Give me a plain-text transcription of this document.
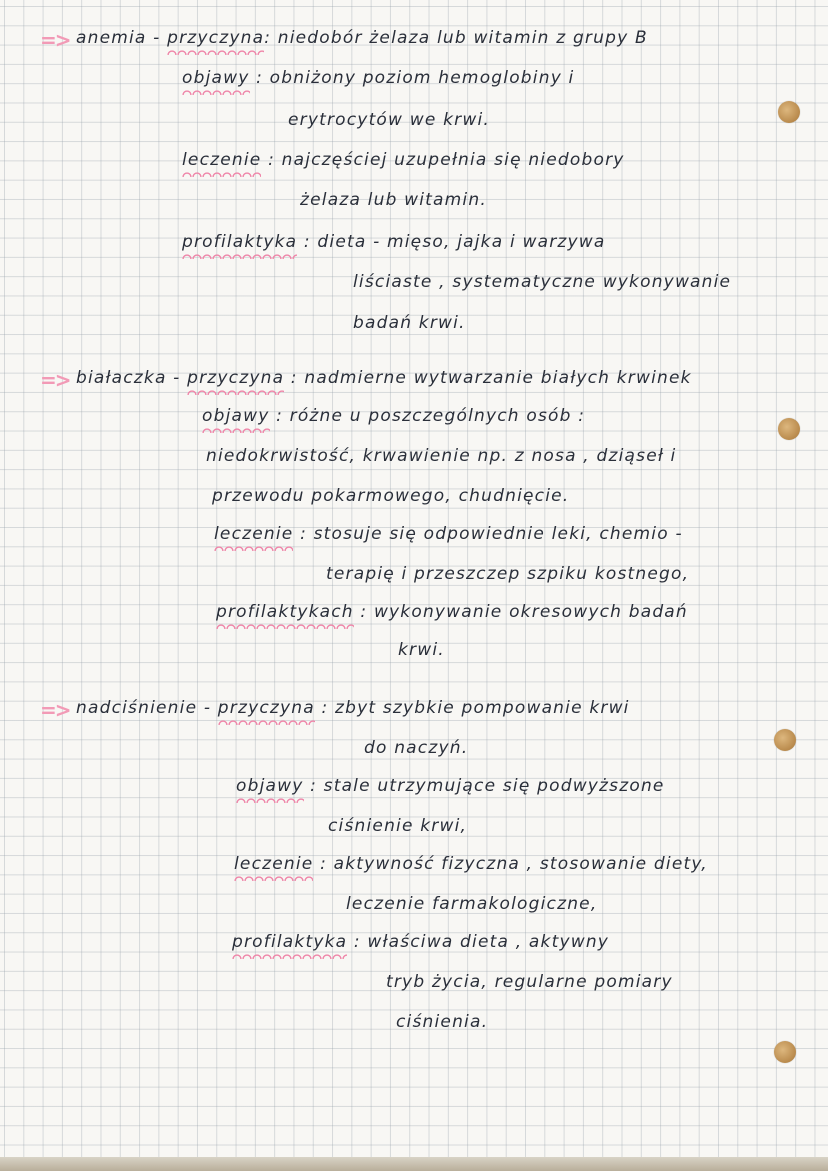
=> anemia - przyczyna: niedobór żelaza lub witamin z grupy B
objawy : obniżony poziom hemoglobiny i
erytrocytów we krwi.
leczenie : najczęściej uzupełnia się niedobory
żelaza lub witamin.
profilaktyka : dieta - mięso, jajka i warzywa
liściaste , systematyczne wykonywanie
badań krwi.
=> białaczka - przyczyna : nadmierne wytwarzanie białych krwinek
objawy : różne u poszczególnych osób :
niedokrwistość, krwawienie np. z nosa , dziąseł i
przewodu pokarmowego, chudnięcie.
leczenie : stosuje się odpowiednie leki, chemio -
terapię i przeszczep szpiku kostnego,
profilaktykach : wykonywanie okresowych badań
krwi.
=> nadciśnienie - przyczyna : zbyt szybkie pompowanie krwi
do naczyń.
objawy : stale utrzymujące się podwyższone
ciśnienie krwi,
leczenie : aktywność fizyczna , stosowanie diety,
leczenie farmakologiczne,
profilaktyka : właściwa dieta , aktywny
tryb życia, regularne pomiary
ciśnienia.
